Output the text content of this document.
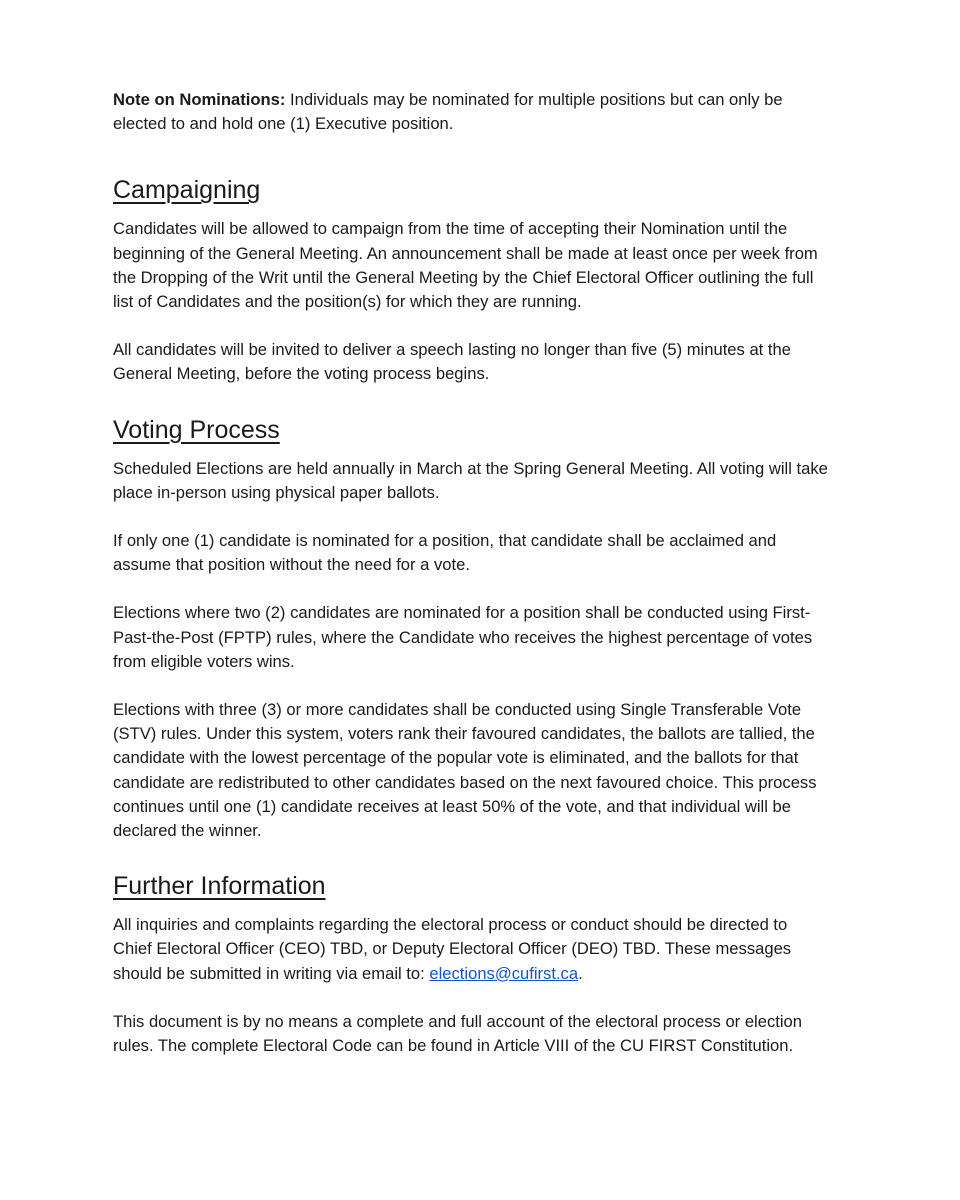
Note on Nominations: Individuals may be nominated for multiple positions but can only be elected to and hold one (1) Executive position.

Campaigning

Candidates will be allowed to campaign from the time of accepting their Nomination until the beginning of the General Meeting. An announcement shall be made at least once per week from the Dropping of the Writ until the General Meeting by the Chief Electoral Officer outlining the full list of Candidates and the position(s) for which they are running.

All candidates will be invited to deliver a speech lasting no longer than five (5) minutes at the General Meeting, before the voting process begins.

Voting Process

Scheduled Elections are held annually in March at the Spring General Meeting. All voting will take place in-person using physical paper ballots.

If only one (1) candidate is nominated for a position, that candidate shall be acclaimed and assume that position without the need for a vote.

Elections where two (2) candidates are nominated for a position shall be conducted using First-Past-the-Post (FPTP) rules, where the Candidate who receives the highest percentage of votes from eligible voters wins.

Elections with three (3) or more candidates shall be conducted using Single Transferable Vote (STV) rules. Under this system, voters rank their favoured candidates, the ballots are tallied, the candidate with the lowest percentage of the popular vote is eliminated, and the ballots for that candidate are redistributed to other candidates based on the next favoured choice. This process continues until one (1) candidate receives at least 50% of the vote, and that individual will be declared the winner.

Further Information

All inquiries and complaints regarding the electoral process or conduct should be directed to Chief Electoral Officer (CEO) TBD, or Deputy Electoral Officer (DEO) TBD. These messages should be submitted in writing via email to: elections@cufirst.ca.

This document is by no means a complete and full account of the electoral process or election rules. The complete Electoral Code can be found in Article VIII of the CU FIRST Constitution.
